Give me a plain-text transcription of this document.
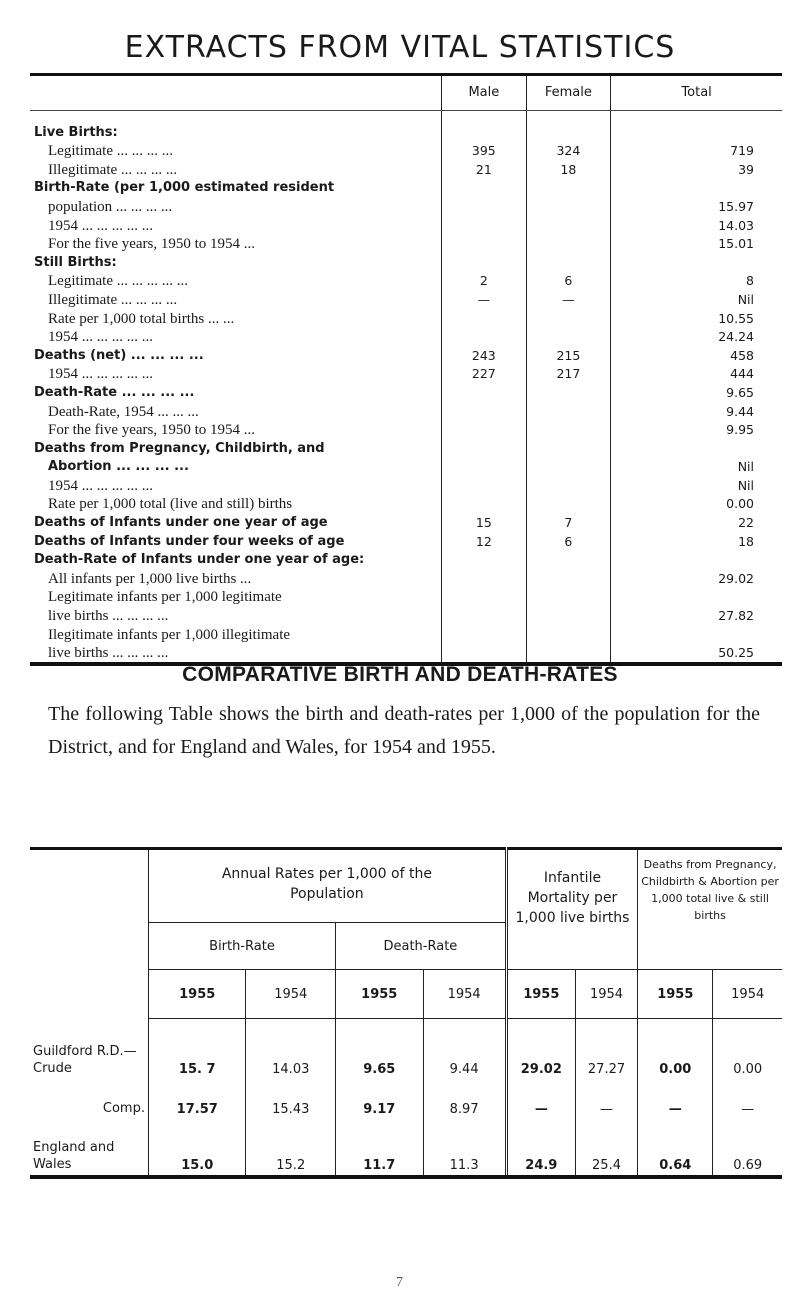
EXTRACTS FROM VITAL STATISTICS
	Male	Female	Total
Live Births:			
Legitimate ... ... ... ...	395	324	719
Illegitimate ... ... ... ...	21	18	39
Birth-Rate (per 1,000 estimated resident			
population ... ... ... ...			15.97
1954 ... ... ... ... ...			14.03
For the five years, 1950 to 1954 ...			15.01
Still Births:			
Legitimate ... ... ... ... ...	2	6	8
Illegitimate ... ... ... ...	—	—	Nil
Rate per 1,000 total births ... ...			10.55
1954 ... ... ... ... ...			24.24
Deaths (net) ... ... ... ...	243	215	458
1954 ... ... ... ... ...	227	217	444
Death-Rate ... ... ... ...			9.65
Death-Rate, 1954 ... ... ...			9.44
For the five years, 1950 to 1954 ...			9.95
Deaths from Pregnancy, Childbirth, and			
Abortion ... ... ... ...			Nil
1954 ... ... ... ... ...			Nil
Rate per 1,000 total (live and still) births			0.00
Deaths of Infants under one year of age	15	7	22
Deaths of Infants under four weeks of age	12	6	18
Death-Rate of Infants under one year of age:			
All infants per 1,000 live births ...			29.02
Legitimate infants per 1,000 legitimate			
live births ... ... ... ...			27.82
Ilegitimate infants per 1,000 illegitimate			
live births ... ... ... ...			50.25
COMPARATIVE BIRTH AND DEATH-RATES
The following Table shows the birth and death-rates per 1,000 of the population for the District, and for England and Wales, for 1954 and 1955.
	Annual Rates per 1,000 of the Population				Infantile Mortality per 1,000 live births		Deaths from Pregnancy, Childbirth & Abortion per 1,000 total live & still births	
	Birth-Rate		Death-Rate					
	1955	1954	1955	1954	1955	1954	1955	1954
Guildford R.D.—Crude	15. 7	14.03	9.65	9.44	29.02	27.27	0.00	0.00
Comp.	17.57	15.43	9.17	8.97	—	—	—	—
England and Wales	15.0	15.2	11.7	11.3	24.9	25.4	0.64	0.69
7
